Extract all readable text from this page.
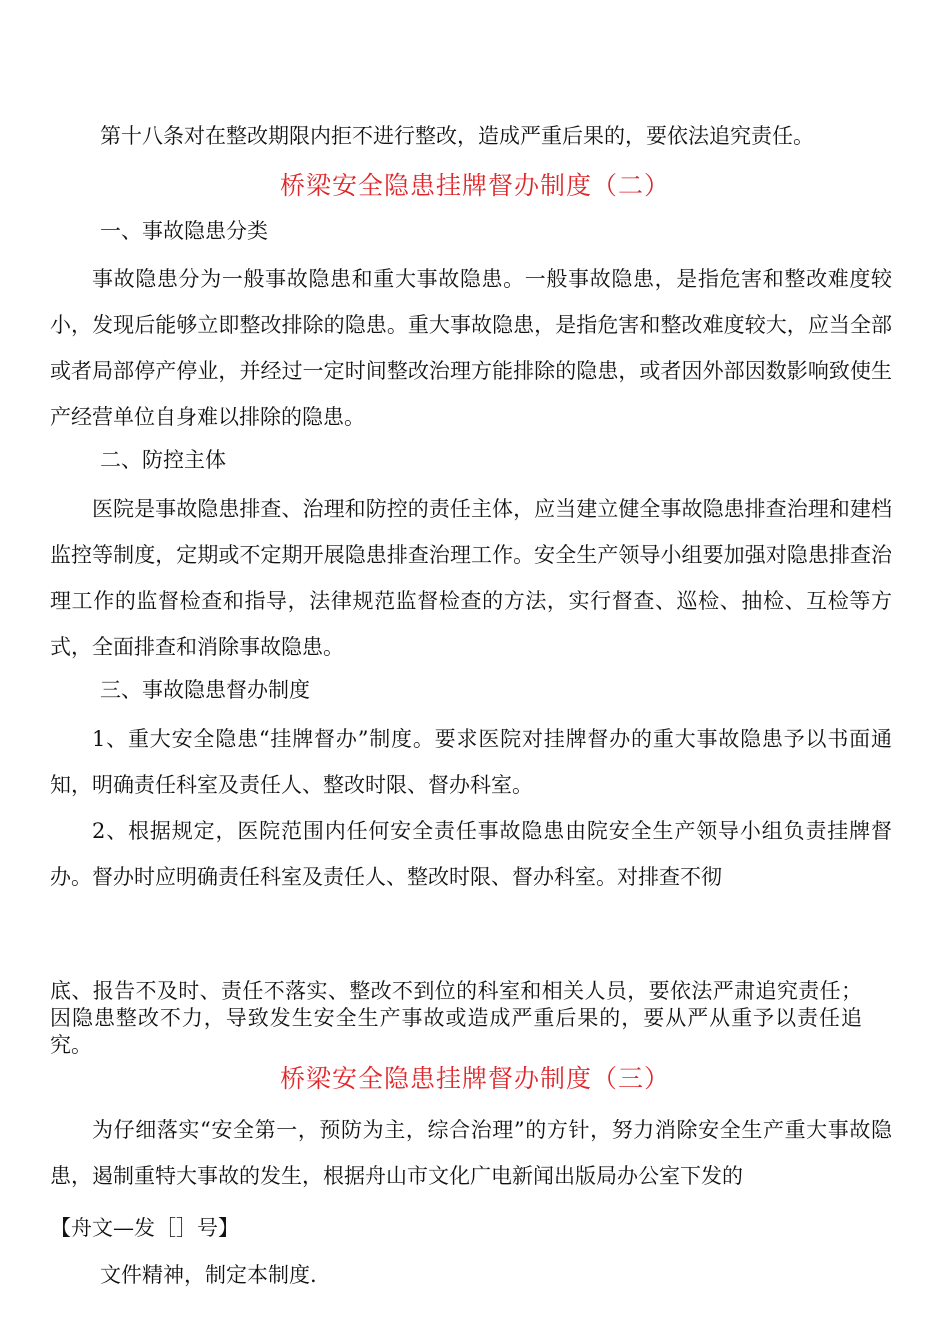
第十八条对在整改期限内拒不进行整改，造成严重后果的，要依法追究责任。
桥梁安全隐患挂牌督办制度（二）
一、事故隐患分类

事故隐患分为一般事故隐患和重大事故隐患。一般事故隐患，是指危害和整改难度较小，发现后能够立即整改排除的隐患。重大事故隐患，是指危害和整改难度较大，应当全部或者局部停产停业，并经过一定时间整改治理方能排除的隐患，或者因外部因数影响致使生产经营单位自身难以排除的隐患。

二、防控主体

医院是事故隐患排查、治理和防控的责任主体，应当建立健全事故隐患排查治理和建档监控等制度，定期或不定期开展隐患排查治理工作。安全生产领导小组要加强对隐患排查治理工作的监督检查和指导，法律规范监督检查的方法，实行督查、巡检、抽检、互检等方式，全面排查和消除事故隐患。

三、事故隐患督办制度

1、重大安全隐患“挂牌督办”制度。要求医院对挂牌督办的重大事故隐患予以书面通知，明确责任科室及责任人、整改时限、督办科室。

2、根据规定，医院范围内任何安全责任事故隐患由院安全生产领导小组负责挂牌督办。督办时应明确责任科室及责任人、整改时限、督办科室。对排查不彻

底、报告不及时、责任不落实、整改不到位的科室和相关人员，要依法严肃追究责任；因隐患整改不力，导致发生安全生产事故或造成严重后果的，要从严从重予以责任追究。

桥梁安全隐患挂牌督办制度（三）

为仔细落实“安全第一，预防为主，综合治理”的方针，努力消除安全生产重大事故隐患，遏制重特大事故的发生，根据舟山市文化广电新闻出版局办公室下发的

【舟文—发［］号】
文件精神，制定本制度.
